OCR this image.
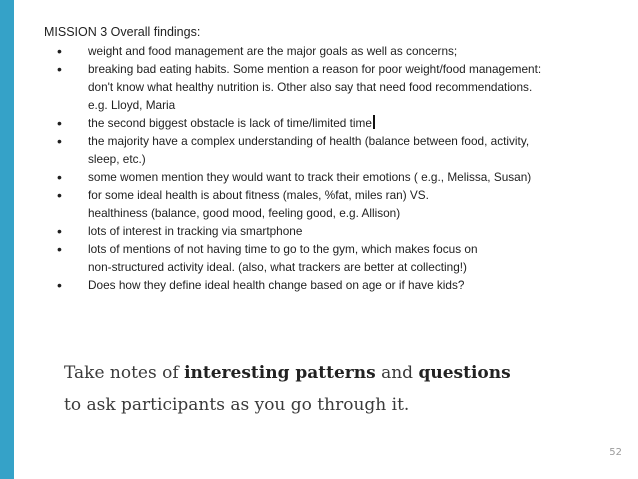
MISSION 3 Overall findings:
• weight and food management are the major goals as well as concerns;
• breaking bad eating habits. Some mention a reason for poor weight/food management:
don't know what healthy nutrition is. Other also say that need food recommendations.
e.g. Lloyd, Maria
• the second biggest obstacle is lack of time/limited time
• the majority have a complex understanding of health (balance between food, activity,
sleep, etc.)
• some women mention they would want to track their emotions ( e.g., Melissa, Susan)
• for some ideal health is about fitness (males, %fat, miles ran) VS.
healthiness (balance, good mood, feeling good, e.g. Allison)
• lots of interest in tracking via smartphone
• lots of mentions of not having time to go to the gym, which makes focus on
non-structured activity ideal. (also, what trackers are better at collecting!)
• Does how they define ideal health change based on age or if have kids?
Take notes of interesting patterns and questions
to ask participants as you go through it.
52
